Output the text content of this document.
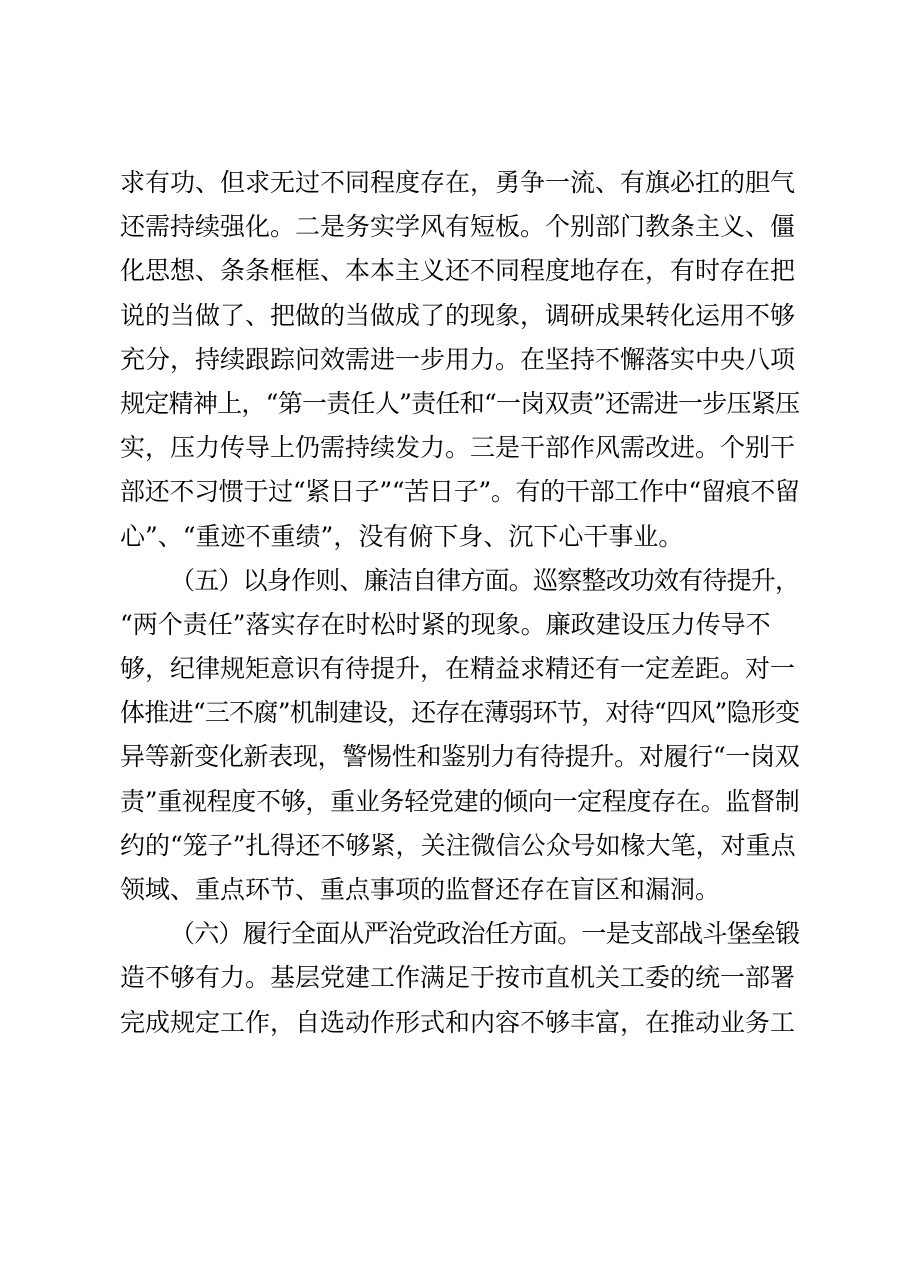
求有功、但求无过不同程度存在，勇争一流、有旗必扛的胆气
还需持续强化。二是务实学风有短板。个别部门教条主义、僵
化思想、条条框框、本本主义还不同程度地存在，有时存在把
说的当做了、把做的当做成了的现象，调研成果转化运用不够
充分，持续跟踪问效需进一步用力。在坚持不懈落实中央八项
规定精神上，“第一责任人”责任和“一岗双责”还需进一步压紧压
实，压力传导上仍需持续发力。三是干部作风需改进。个别干
部还不习惯于过“紧日子”“苦日子”。有的干部工作中“留痕不留
心”、“重迹不重绩”，没有俯下身、沉下心干事业。
（五）以身作则、廉洁自律方面。巡察整改功效有待提升，
“两个责任”落实存在时松时紧的现象。廉政建设压力传导不
够，纪律规矩意识有待提升，在精益求精还有一定差距。对一
体推进“三不腐”机制建设，还存在薄弱环节，对待“四风”隐形变
异等新变化新表现，警惕性和鉴别力有待提升。对履行“一岗双
责”重视程度不够，重业务轻党建的倾向一定程度存在。监督制
约的“笼子”扎得还不够紧，关注微信公众号如椽大笔，对重点
领域、重点环节、重点事项的监督还存在盲区和漏洞。
（六）履行全面从严治党政治任方面。一是支部战斗堡垒锻
造不够有力。基层党建工作满足于按市直机关工委的统一部署
完成规定工作，自选动作形式和内容不够丰富，在推动业务工
